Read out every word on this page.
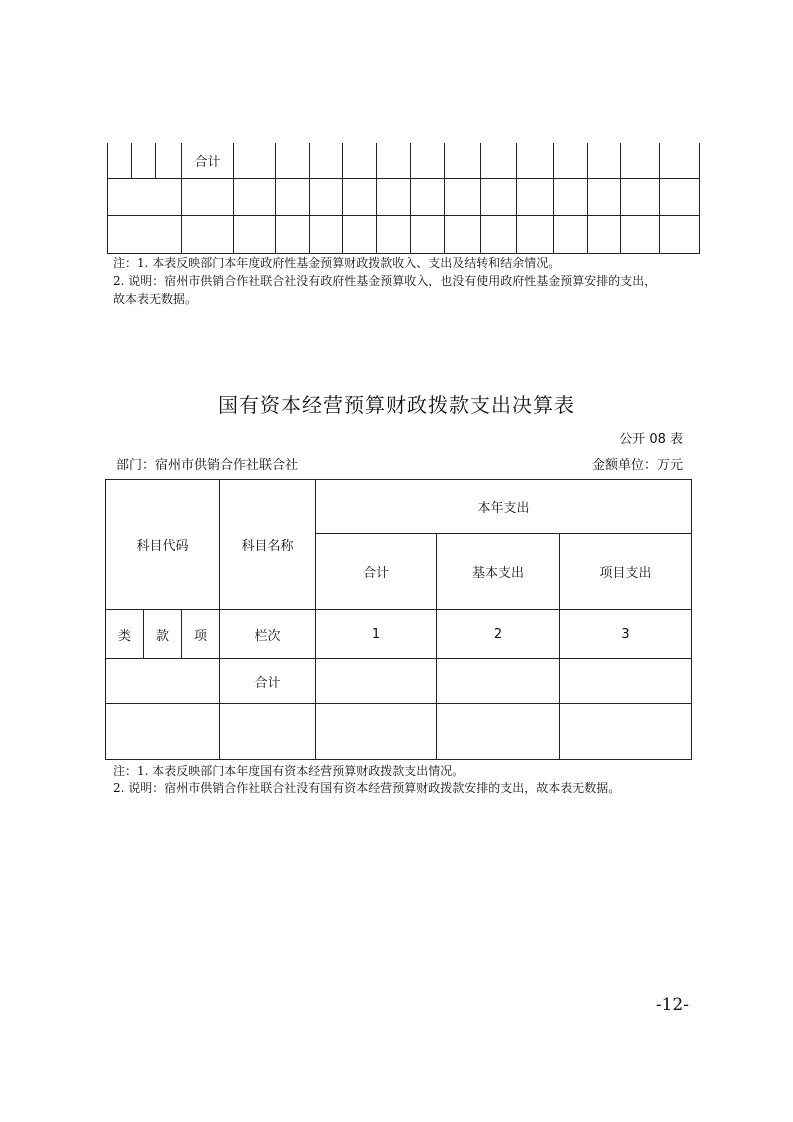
			合计													

注：1. 本表反映部门本年度政府性基金预算财政拨款收入、支出及结转和结余情况。
2. 说明：宿州市供销合作社联合社没有政府性基金预算收入，也没有使用政府性基金预算安排的支出，
故本表无数据。
国有资本经营预算财政拨款支出决算表
公开 08 表
部门：宿州市供销合作社联合社	金额单位：万元
科目代码			科目名称	本年支出		
				合计	基本支出	项目支出
类	款	项	栏次	1	2	3
			合计			

注：1. 本表反映部门本年度国有资本经营预算财政拨款支出情况。
2. 说明：宿州市供销合作社联合社没有国有资本经营预算财政拨款安排的支出，故本表无数据。
-12-
